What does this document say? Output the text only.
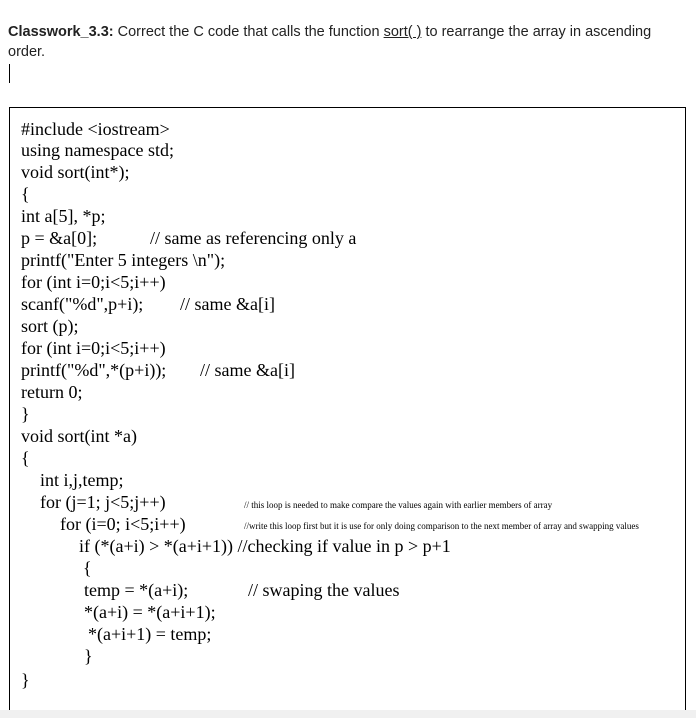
Classwork_3.3: Correct the C code that calls the function sort( ) to rearrange the array in ascending order.
#include <iostream>
using namespace std;
void sort(int*);
{
int a[5], *p;
p = &a[0];	// same as referencing only a
printf("Enter 5 integers \n");
for (int i=0;i<5;i++)
scanf("%d",p+i); // same &a[i]
sort (p);
for (int i=0;i<5;i++)
printf("%d",*(p+i)); // same &a[i]
return 0;
}
void sort(int *a)
{
int i,j,temp;
for (j=1; j<5;j++)	// this loop is needed to make compare the values again with earlier members of array
for (i=0; i<5;i++)	//write this loop first but it is use for only doing comparison to the next member of array and swapping values
if (*(a+i) > *(a+i+1)) //checking if value in p > p+1
{
temp = *(a+i);	// swaping the values
*(a+i) = *(a+i+1);
*(a+i+1) = temp;
}
}
